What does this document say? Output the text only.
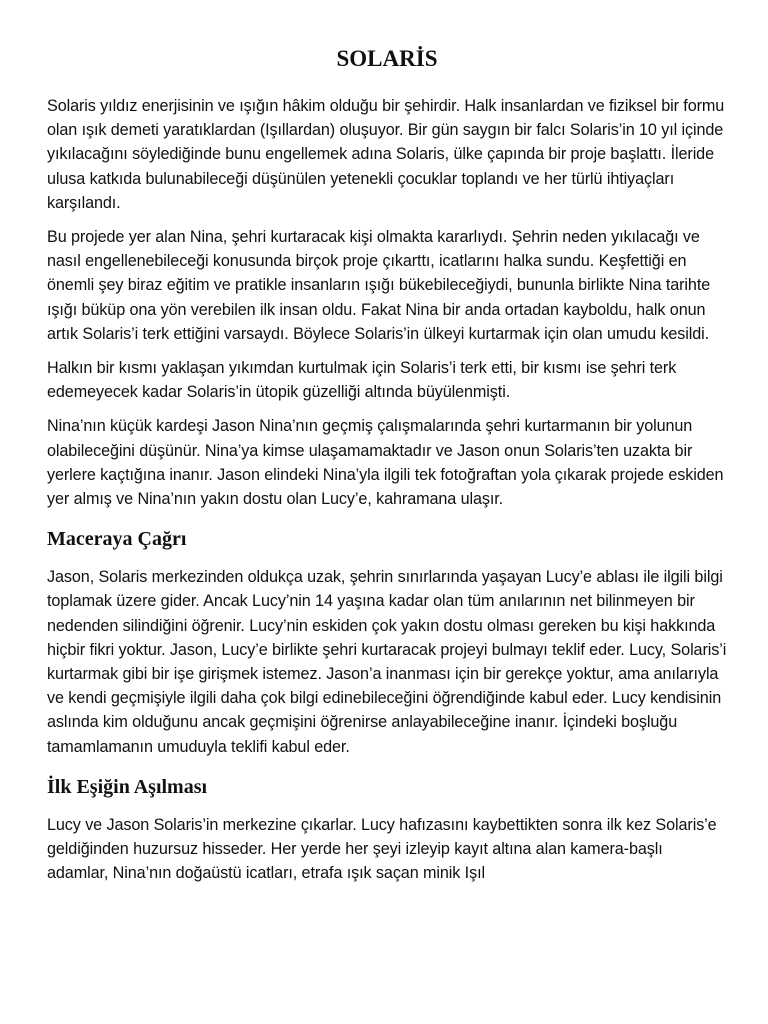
SOLARİS

Solaris yıldız enerjisinin ve ışığın hâkim olduğu bir şehirdir. Halk insanlardan ve fiziksel bir formu olan ışık demeti yaratıklardan (Işıllardan) oluşuyor. Bir gün saygın bir falcı Solaris’in 10 yıl içinde yıkılacağını söylediğinde bunu engellemek adına Solaris, ülke çapında bir proje başlattı. İleride ulusa katkıda bulunabileceği düşünülen yetenekli çocuklar toplandı ve her türlü ihtiyaçları karşılandı.

Bu projede yer alan Nina, şehri kurtaracak kişi olmakta kararlıydı. Şehrin neden yıkılacağı ve nasıl engellenebileceği konusunda birçok proje çıkarttı, icatlarını halka sundu. Keşfettiği en önemli şey biraz eğitim ve pratikle insanların ışığı bükebileceğiydi, bununla birlikte Nina tarihte ışığı büküp ona yön verebilen ilk insan oldu. Fakat Nina bir anda ortadan kayboldu, halk onun artık Solaris’i terk ettiğini varsaydı. Böylece Solaris’in ülkeyi kurtarmak için olan umudu kesildi.

Halkın bir kısmı yaklaşan yıkımdan kurtulmak için Solaris’i terk etti, bir kısmı ise şehri terk edemeyecek kadar Solaris’in ütopik güzelliği altında büyülenmişti.

Nina’nın küçük kardeşi Jason Nina’nın geçmiş çalışmalarında şehri kurtarmanın bir yolunun olabileceğini düşünür. Nina’ya kimse ulaşamamaktadır ve Jason onun Solaris’ten uzakta bir yerlere kaçtığına inanır. Jason elindeki Nina’yla ilgili tek fotoğraftan yola çıkarak projede eskiden yer almış ve Nina’nın yakın dostu olan Lucy’e, kahramana ulaşır.

Maceraya Çağrı

Jason, Solaris merkezinden oldukça uzak, şehrin sınırlarında yaşayan Lucy’e ablası ile ilgili bilgi toplamak üzere gider. Ancak Lucy’nin 14 yaşına kadar olan tüm anılarının net bilinmeyen bir nedenden silindiğini öğrenir. Lucy’nin eskiden çok yakın dostu olması gereken bu kişi hakkında hiçbir fikri yoktur. Jason, Lucy’e birlikte şehri kurtaracak projeyi bulmayı teklif eder. Lucy, Solaris’i kurtarmak gibi bir işe girişmek istemez. Jason’a inanması için bir gerekçe yoktur, ama anılarıyla ve kendi geçmişiyle ilgili daha çok bilgi edinebileceğini öğrendiğinde kabul eder. Lucy kendisinin aslında kim olduğunu ancak geçmişini öğrenirse anlayabileceğine inanır. İçindeki boşluğu tamamlamanın umuduyla teklifi kabul eder.

İlk Eşiğin Aşılması

Lucy ve Jason Solaris’in merkezine çıkarlar. Lucy hafızasını kaybettikten sonra ilk kez Solaris’e geldiğinden huzursuz hisseder. Her yerde her şeyi izleyip kayıt altına alan kamera-başlı adamlar, Nina’nın doğaüstü icatları, etrafa ışık saçan minik Işıl
